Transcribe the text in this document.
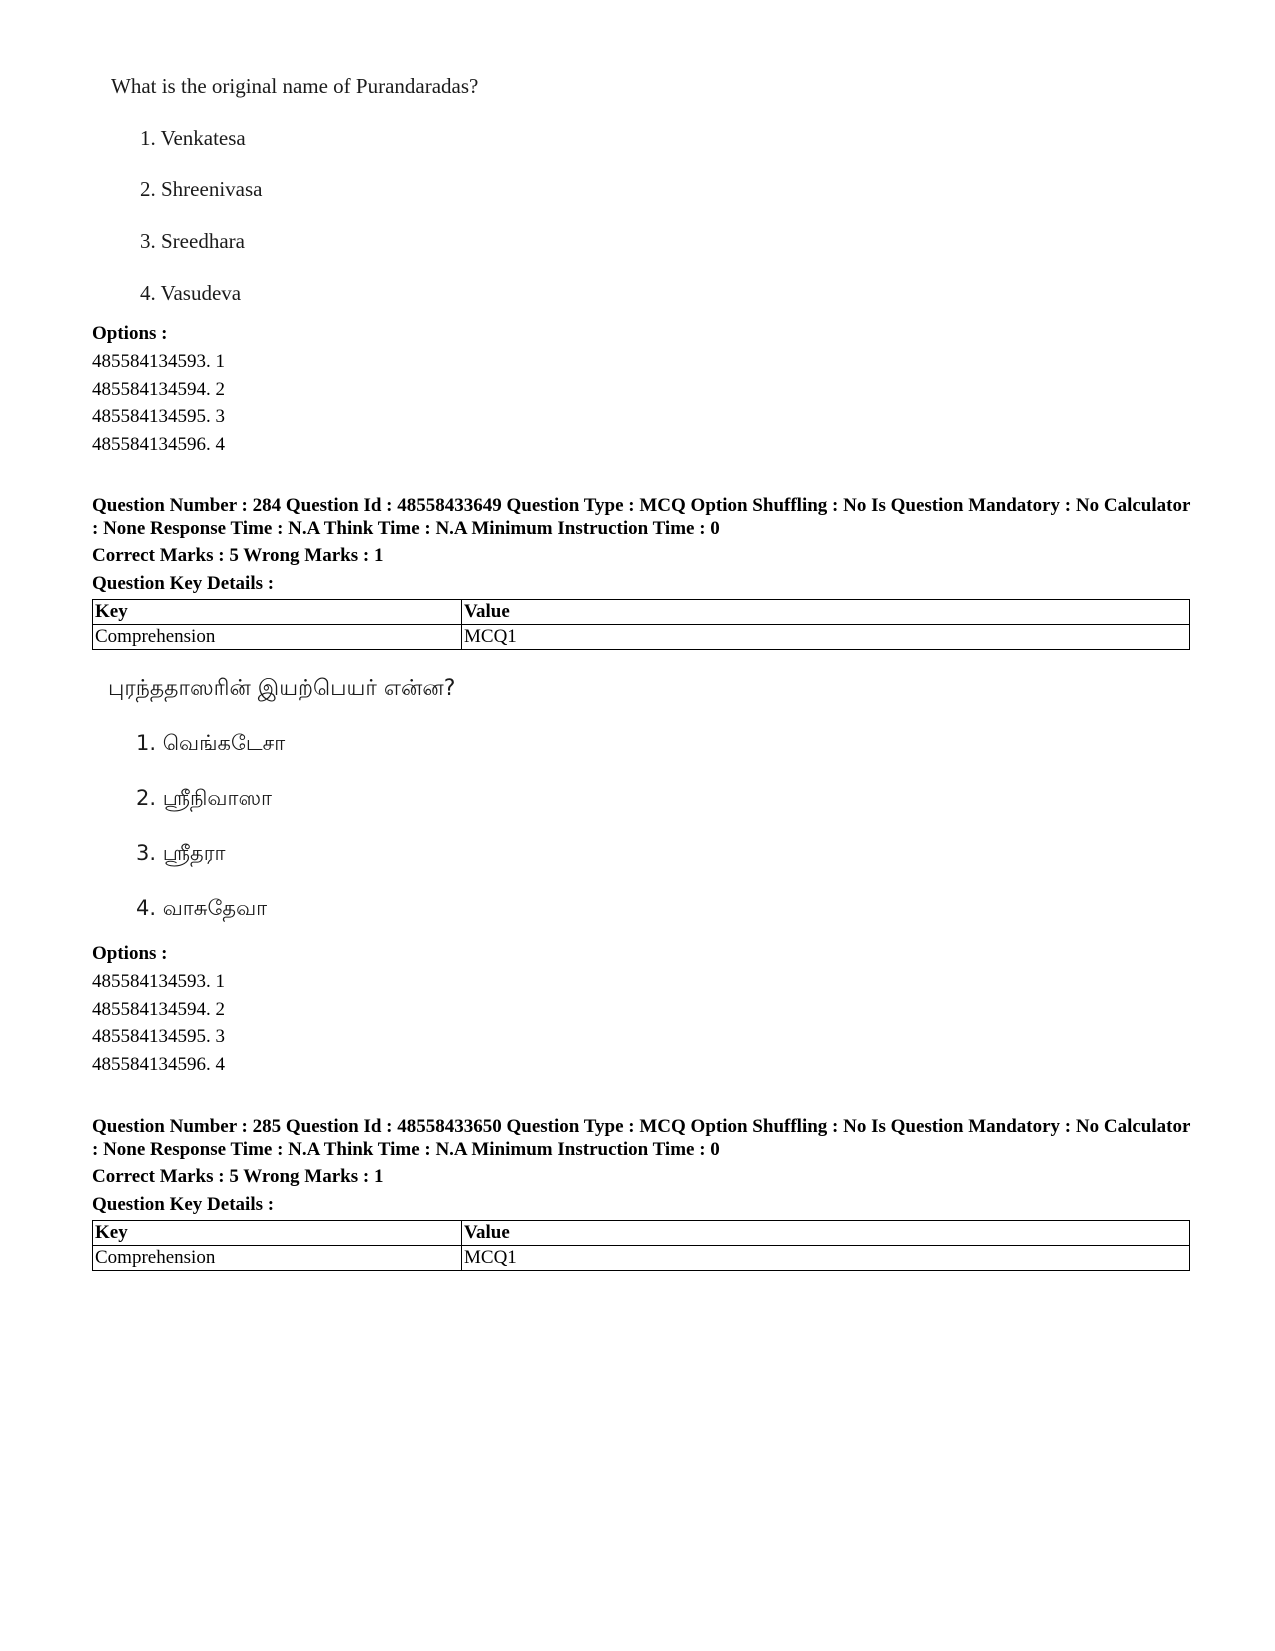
What is the original name of Purandaradas?
1. Venkatesa
2. Shreenivasa
3. Sreedhara
4. Vasudeva
Options :
485584134593. 1
485584134594. 2
485584134595. 3
485584134596. 4
Question Number : 284 Question Id : 48558433649 Question Type : MCQ Option Shuffling : No Is Question Mandatory : No Calculator : None Response Time : N.A Think Time : N.A Minimum Instruction Time : 0
Correct Marks : 5 Wrong Marks : 1
Question Key Details :
Key	Value
Comprehension	MCQ1
புரந்ததாஸரின் இயற்பெயர் என்ன?
1. வெங்கடேசா
2. ஸ்ரீநிவாஸா
3. ஸ்ரீதரா
4. வாசுதேவா
Options :
485584134593. 1
485584134594. 2
485584134595. 3
485584134596. 4
Question Number : 285 Question Id : 48558433650 Question Type : MCQ Option Shuffling : No Is Question Mandatory : No Calculator : None Response Time : N.A Think Time : N.A Minimum Instruction Time : 0
Correct Marks : 5 Wrong Marks : 1
Question Key Details :
Key	Value
Comprehension	MCQ1
